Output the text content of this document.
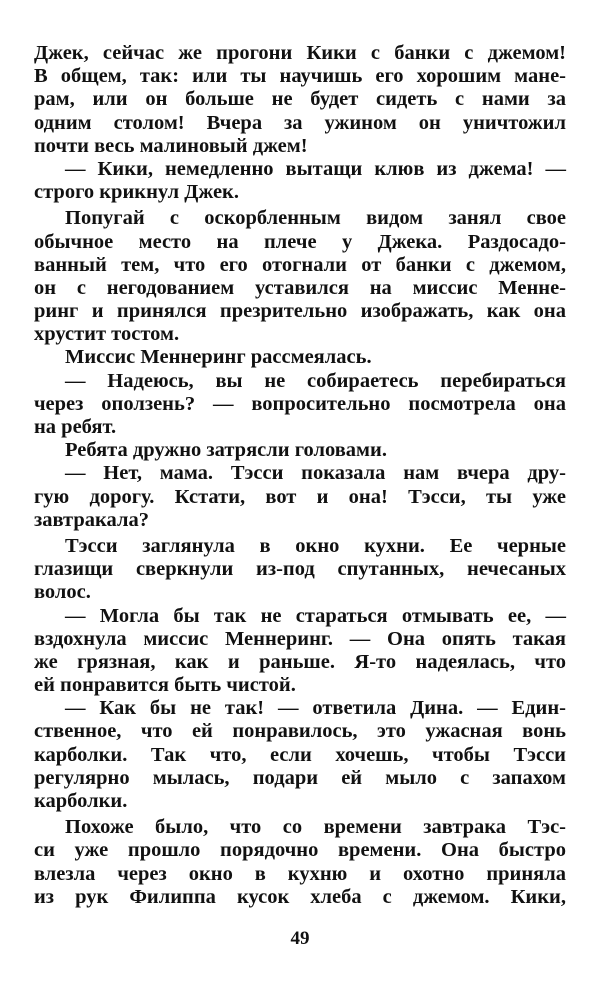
Джек, сейчас же прогони Кики с банки с джемом!
В общем, так: или ты научишь его хорошим мане-
рам, или он больше не будет сидеть с нами за
одним столом! Вчера за ужином он уничтожил
почти весь малиновый джем!
— Кики, немедленно вытащи клюв из джема! —
строго крикнул Джек.
Попугай с оскорбленным видом занял свое
обычное место на плече у Джека. Раздосадо-
ванный тем, что его отогнали от банки с джемом,
он с негодованием уставился на миссис Менне-
ринг и принялся презрительно изображать, как она
хрустит тостом.
Миссис Меннеринг рассмеялась.
— Надеюсь, вы не собираетесь перебираться
через оползень? — вопросительно посмотрела она
на ребят.
Ребята дружно затрясли головами.
— Нет, мама. Тэсси показала нам вчера дру-
гую дорогу. Кстати, вот и она! Тэсси, ты уже
завтракала?
Тэсси заглянула в окно кухни. Ее черные
глазищи сверкнули из-под спутанных, нечесаных
волос.
— Могла бы так не стараться отмывать ее, —
вздохнула миссис Меннеринг. — Она опять такая
же грязная, как и раньше. Я-то надеялась, что
ей понравится быть чистой.
— Как бы не так! — ответила Дина. — Един-
ственное, что ей понравилось, это ужасная вонь
карболки. Так что, если хочешь, чтобы Тэсси
регулярно мылась, подари ей мыло с запахом
карболки.
Похоже было, что со времени завтрака Тэс-
си уже прошло порядочно времени. Она быстро
влезла через окно в кухню и охотно приняла
из рук Филиппа кусок хлеба с джемом. Кики,
49
